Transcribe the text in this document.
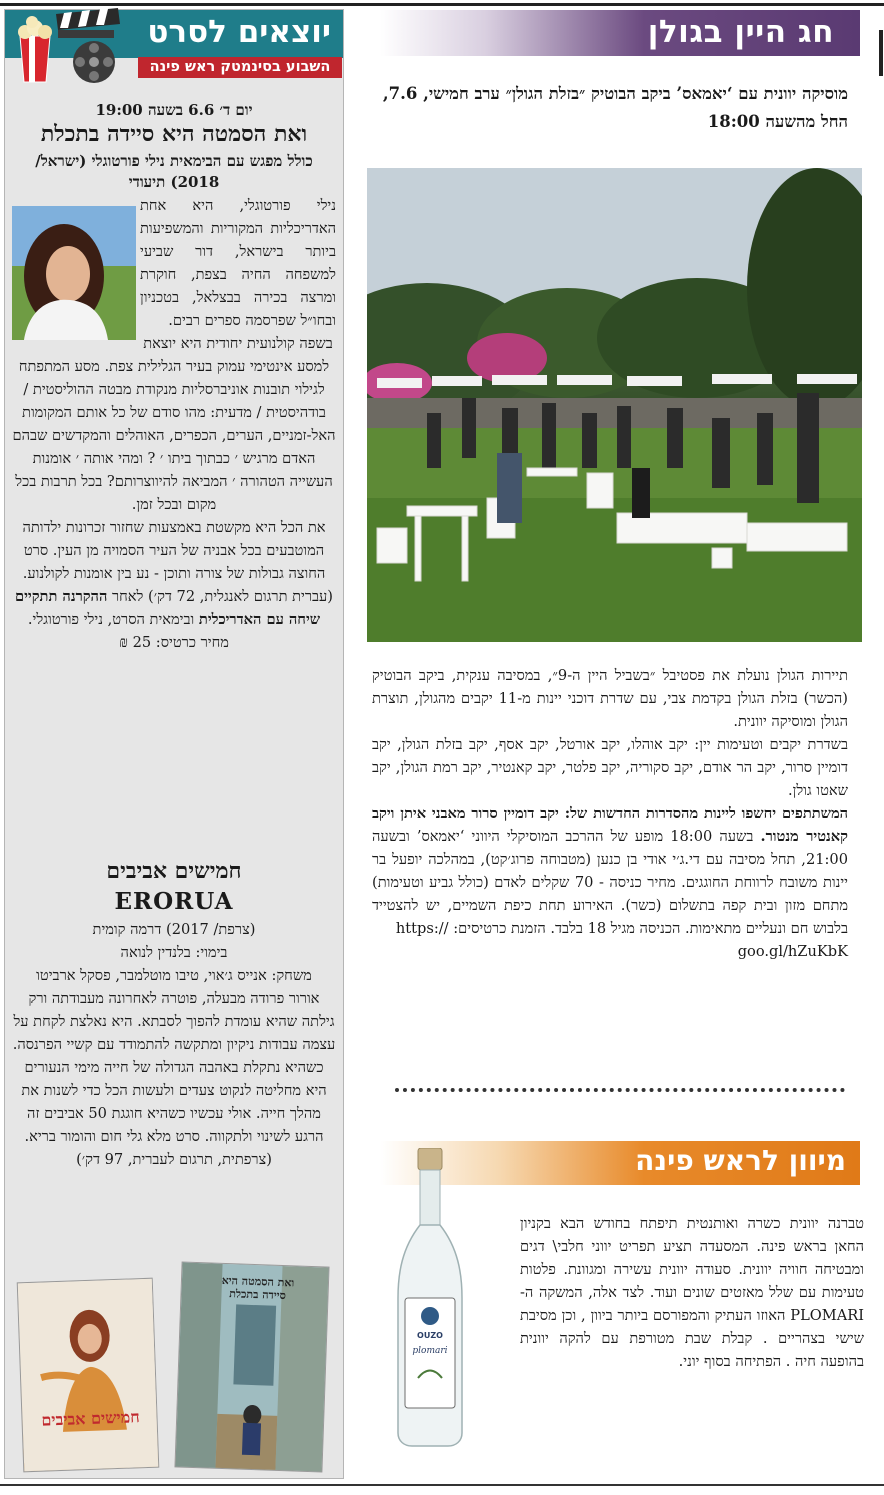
חג היין בגולן
מוסיקה יוונית עם ‘יאמאס’ ביקב הבוטיק ״בזלת הגולן״ ערב חמישי, 7.6, החל מהשעה 18:00

תיירות הגולן נועלת את פסטיבל ״בשביל היין ה-9״, במסיבה ענקית, ביקב הבוטיק (הכשר) בזלת הגולן בקדמת צבי, עם שדרת דוכני יינות מ-11 יקבים מהגולן, תוצרת הגולן ומוסיקה יוונית.

בשדרת יקבים וטעימות יין: יקב אוהלו, יקב אורטל, יקב אסף, יקב בזלת הגולן, יקב דומיין סרור, יקב הר אודם, יקב סקוריה, יקב פלטר, יקב קאנטיר, יקב רמת הגולן, יקב שאטו גולן.

המשתתפים יחשפו ליינות מהסדרות החדשות של: יקב דומיין סרור מאבני איתן ויקב קאנטיר מנטור. בשעה 18:00 מופע של ההרכב המוסיקלי היווני ‘יאמאס’ ובשעה 21:00, תחל מסיבה עם די.ג׳י אודי בן כנען (מטבוחה פרוג׳קט), במהלכה יופעל בר יינות משובח לרווחת החוגגים. מחיר כניסה - 70 שקלים לאדם (כולל גביע וטעימות) מתחם מזון ובית קפה בתשלום (כשר). האירוע תחת כיפת השמיים, יש להצטייד בלבוש חם ונעליים מתאימות. הכניסה מגיל 18 בלבד. הזמנת כרטיסים: https://

goo.gl/hZuKbK

מיוון לראש פינה
OUZO
plomari
טברנה יוונית כשרה ואותנטית תיפתח בחודש הבא בקניון החאן בראש פינה. המסעדה תציע תפריט יווני חלבי\ דגים ומבטיחה חוויה יוונית. סעודה יוונית עשירה ומגוונת. פלטות טעימות עם שלל מאזטים שונים ועוד. לצד אלה, המשקה ה-PLOMARI האוזו העתיק והמפורסם ביותר ביוון , וכן מסיבת שישי בצהריים . קבלת שבת מטורפת עם להקה יוונית בהופעה חיה . הפתיחה בסוף יוני.
יוצאים לסרט
השבוע בסינמטק ראש פינה
יום ד׳ 6.6 בשעה 19:00
ואת הסמטה היא סיידה בתכלת
כולל מפגש עם הבימאית נילי פורטוגלי (ישראל/ 2018) תיעודי

נילי פורטוגלי, היא אחת האדריכליות המקוריות והמשפיעות ביותר בישראל, דור שביעי למשפחה החיה בצפת, חוקרת ומרצה בכירה בבצלאל, בטכניון ובחו״ל שפרסמה ספרים רבים.

בשפה קולנועית יחודית היא יוצאת למסע אינטימי עמוק בעיר הגלילית צפת. מסע המתפתח לגילוי תובנות אוניברסליות מנקודת מבטה ההוליסטית / בודהיסטית / מדעית: מהו סודם של כל אותם המקומות האל-זמניים, הערים, הכפרים, האוהלים והמקדשים שבהם האדם מרגיש ׳ כבתוך ביתו ׳ ? ומהי אותה ׳ אומנות העשייה הטהורה ׳ המביאה להיווצרותם? בכל תרבות בכל מקום ובכל זמן.

את הכל היא מקשטת באמצעות שחזור זכרונות ילדותה המוטבעים בכל אבניה של העיר הסמויה מן העין. סרט החוצה גבולות של צורה ותוכן - נע בין אומנות לקולנוע. (עברית תרגום לאנגלית, 72 דק׳) לאחר ההקרנה תתקיים שיחה עם האדריכלית ובימאית הסרט, נילי פורטוגלי.

מחיר כרטיס: 25 ₪

חמישים אביבים
ERORUA

(צרפת/ 2017) דרמה קומית

בימוי: בלנדין לנואה

משחק: אנייס ג׳אוי, טיבו מוטלמבר, פסקל ארביטו

אורור פרודה מבעלה, פוטרה לאחרונה מעבודתה ורק גילתה שהיא עומדת להפוך לסבתא. היא נאלצת לקחת על עצמה עבודות ניקיון ומתקשה להתמודד עם קשיי הפרנסה. כשהיא נתקלת באהבה הגדולה של חייה מימי הנעורים היא מחליטה לנקוט צעדים ולעשות הכל כדי לשנות את מהלך חייה. אולי עכשיו כשהיא חוגגת 50 אביבים זה הרגע לשינוי ולתקווה. סרט מלא גלי חום והומור בריא.

(צרפתית, תרגום לעברית, 97 דק׳)

חמישים אביבים
ואת הסמטה היא סיידה בתכלת
